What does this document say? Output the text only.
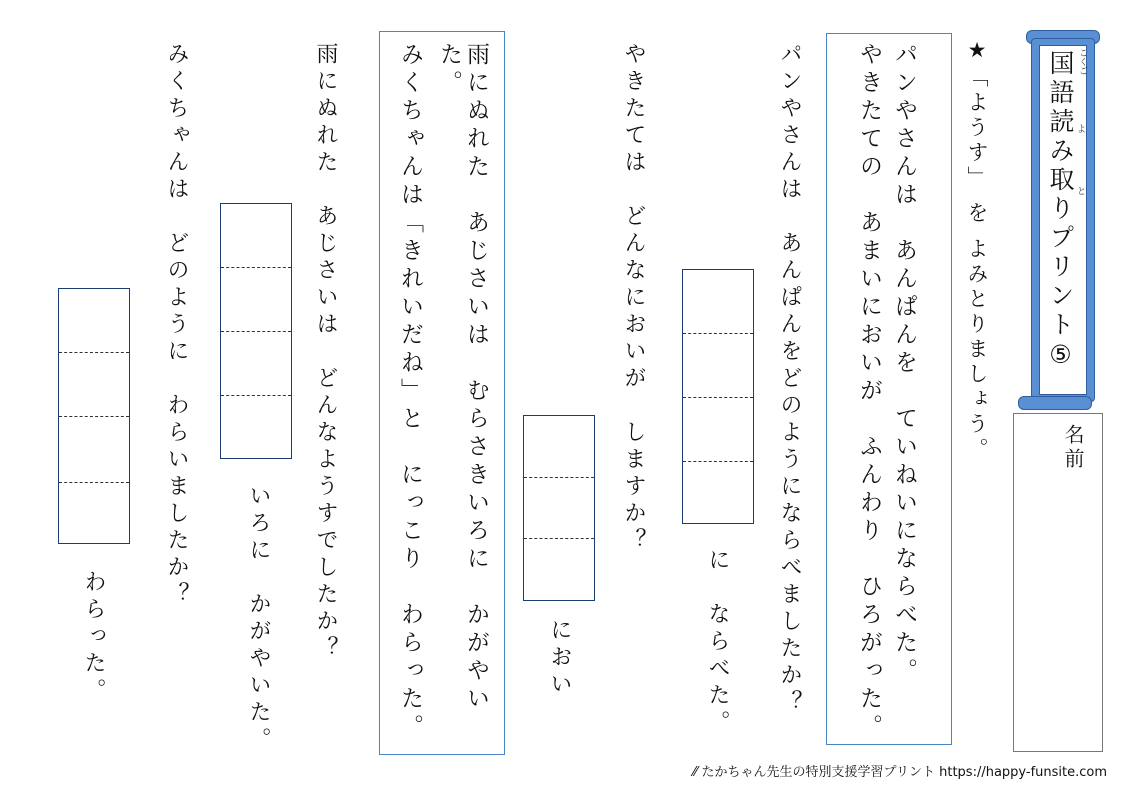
国語読み取りプリント⑤ こくご
よ
と
名前
★「ようす」 を よみとりましょう。
パンやさんは　あんぱんを　ていねいにならべた。
やきたての　あまいにおいが　ふんわり　ひろがった。
パンやさんは　あんぱんをどのようにならべましたか？
に
ならべた。
やきたては　どんなにおいが　しますか？
におい
雨にぬれた　あじさいは　むらさきいろに　かがやい
た。
みくちゃんは「きれいだね」と　にっこり　わらった。
雨にぬれた　あじさいは　どんなようすでしたか？
いろに　かがやいた。
みくちゃんは　どのように　わらいましたか？
わらった。
⁄⁄ たかちゃん先生の特別支援学習プリント https://happy-funsite.com
